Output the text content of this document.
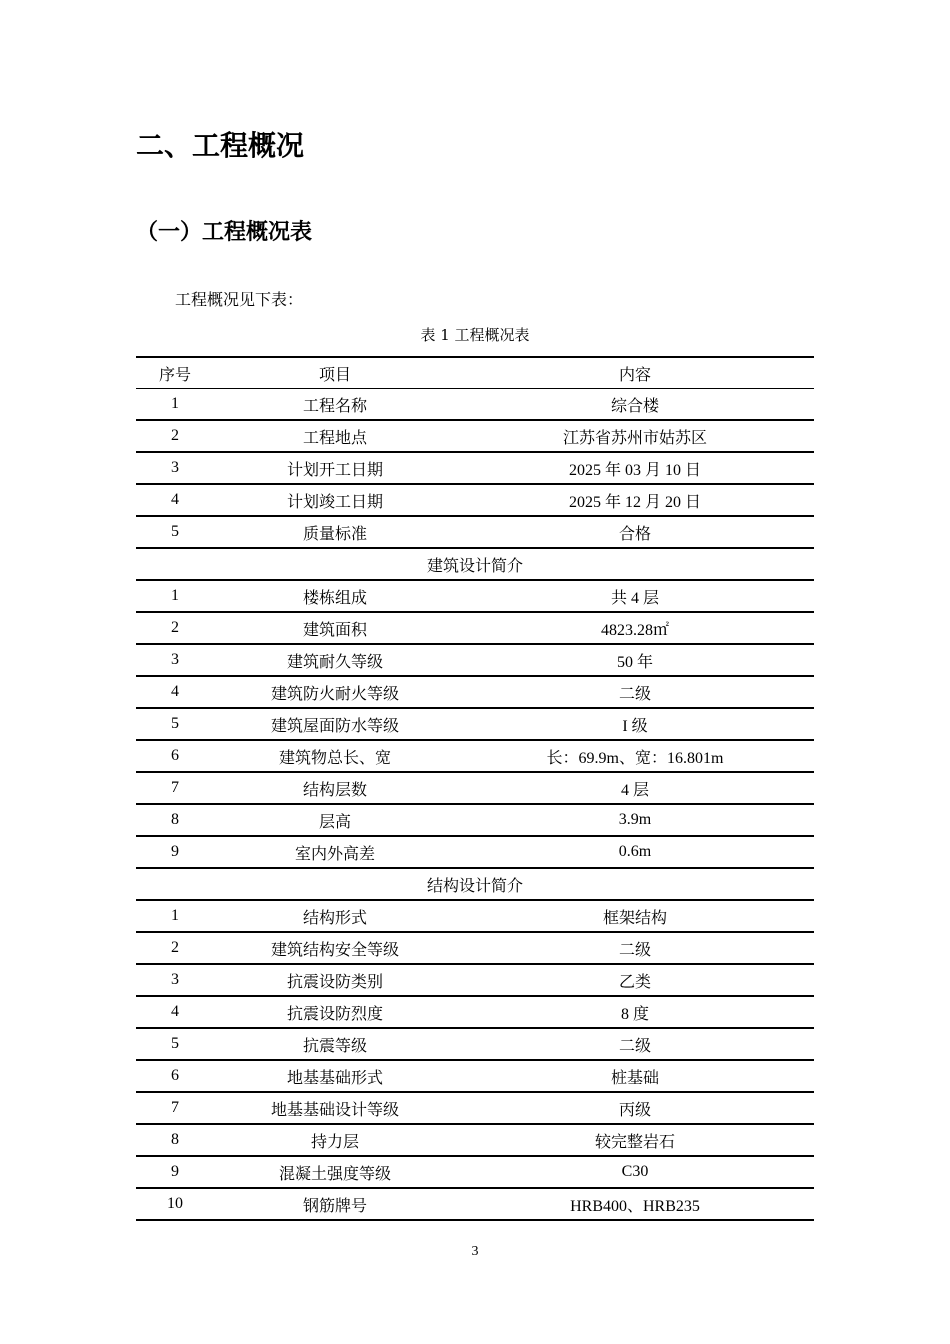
二、工程概况
（一）工程概况表
工程概况见下表：
表 1 工程概况表
序号	项目	内容
1	工程名称	综合楼
2	工程地点	江苏省苏州市姑苏区
3	计划开工日期	2025 年 03 月 10 日
4	计划竣工日期	2025 年 12 月 20 日
5	质量标准	合格
建筑设计简介		
1	楼栋组成	共 4 层
2	建筑面积	4823.28㎡
3	建筑耐久等级	50 年
4	建筑防火耐火等级	二级
5	建筑屋面防水等级	I 级
6	建筑物总长、宽	长：69.9m、宽：16.801m
7	结构层数	4 层
8	层高	3.9m
9	室内外高差	0.6m
结构设计简介		
1	结构形式	框架结构
2	建筑结构安全等级	二级
3	抗震设防类别	乙类
4	抗震设防烈度	8 度
5	抗震等级	二级
6	地基基础形式	桩基础
7	地基基础设计等级	丙级
8	持力层	较完整岩石
9	混凝土强度等级	C30
10	钢筋牌号	HRB400、HRB235
3
